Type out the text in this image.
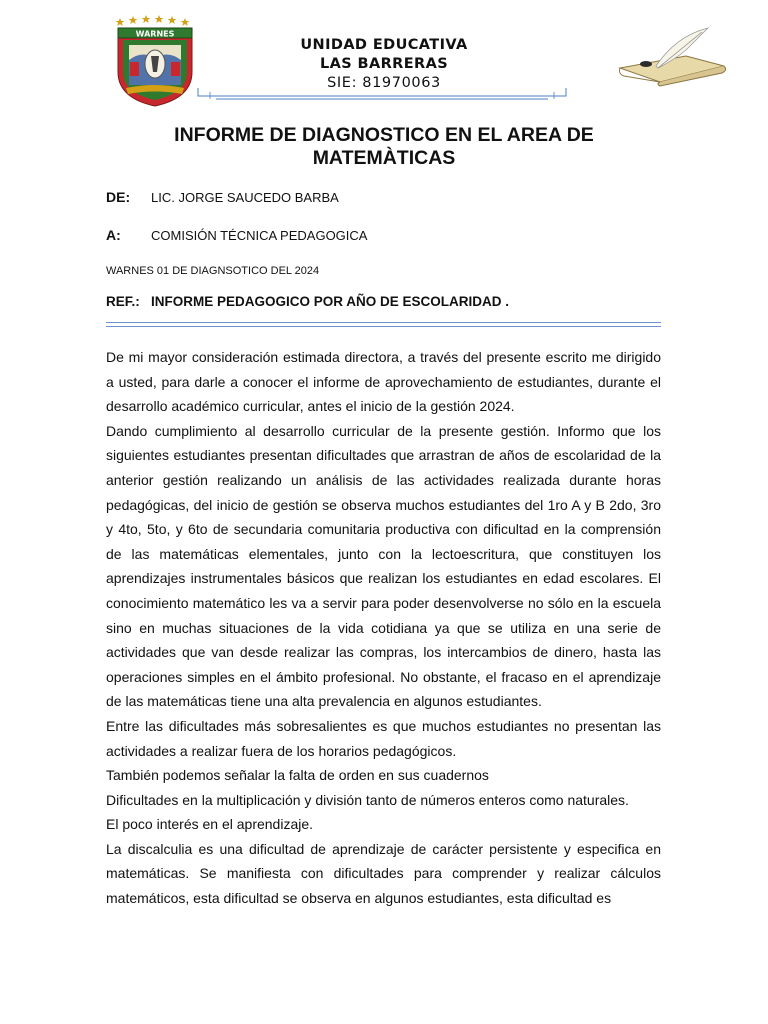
WARNES
UNIDAD EDUCATIVA
LAS BARRERAS
SIE: 81970063
INFORME DE DIAGNOSTICO EN EL AREA DE
MATEMÀTICAS
DE: LIC. JORGE SAUCEDO BARBA
A: COMISIÓN TÉCNICA PEDAGOGICA
WARNES 01 DE DIAGNSOTICO DEL 2024
REF.: INFORME PEDAGOGICO POR AÑO DE ESCOLARIDAD .

De mi mayor consideración estimada directora, a través del presente escrito me dirigido a usted, para darle a conocer el informe de aprovechamiento de estudiantes, durante el desarrollo académico curricular, antes el inicio de la gestión 2024.

Dando cumplimiento al desarrollo curricular de la presente gestión. Informo que los siguientes estudiantes presentan dificultades que arrastran de años de escolaridad de la anterior gestión realizando un análisis de las actividades realizada durante horas pedagógicas, del inicio de gestión se observa muchos estudiantes del 1ro A y B 2do, 3ro y 4to, 5to, y 6to de secundaria comunitaria productiva con dificultad en la comprensión de las matemáticas elementales, junto con la lectoescritura, que constituyen los aprendizajes instrumentales básicos que realizan los estudiantes en edad escolares. El conocimiento matemático les va a servir para poder desenvolverse no sólo en la escuela sino en muchas situaciones de la vida cotidiana ya que se utiliza en una serie de actividades que van desde realizar las compras, los intercambios de dinero, hasta las operaciones simples en el ámbito profesional. No obstante, el fracaso en el aprendizaje de las matemáticas tiene una alta prevalencia en algunos estudiantes.

Entre las dificultades más sobresalientes es que muchos estudiantes no presentan las actividades a realizar fuera de los horarios pedagógicos.

También podemos señalar la falta de orden en sus cuadernos

Dificultades en la multiplicación y división tanto de números enteros como naturales.

El poco interés en el aprendizaje.

La discalculia es una dificultad de aprendizaje de carácter persistente y especifica en matemáticas. Se manifiesta con dificultades para comprender y realizar cálculos matemáticos, esta dificultad se observa en algunos estudiantes, esta dificultad es
